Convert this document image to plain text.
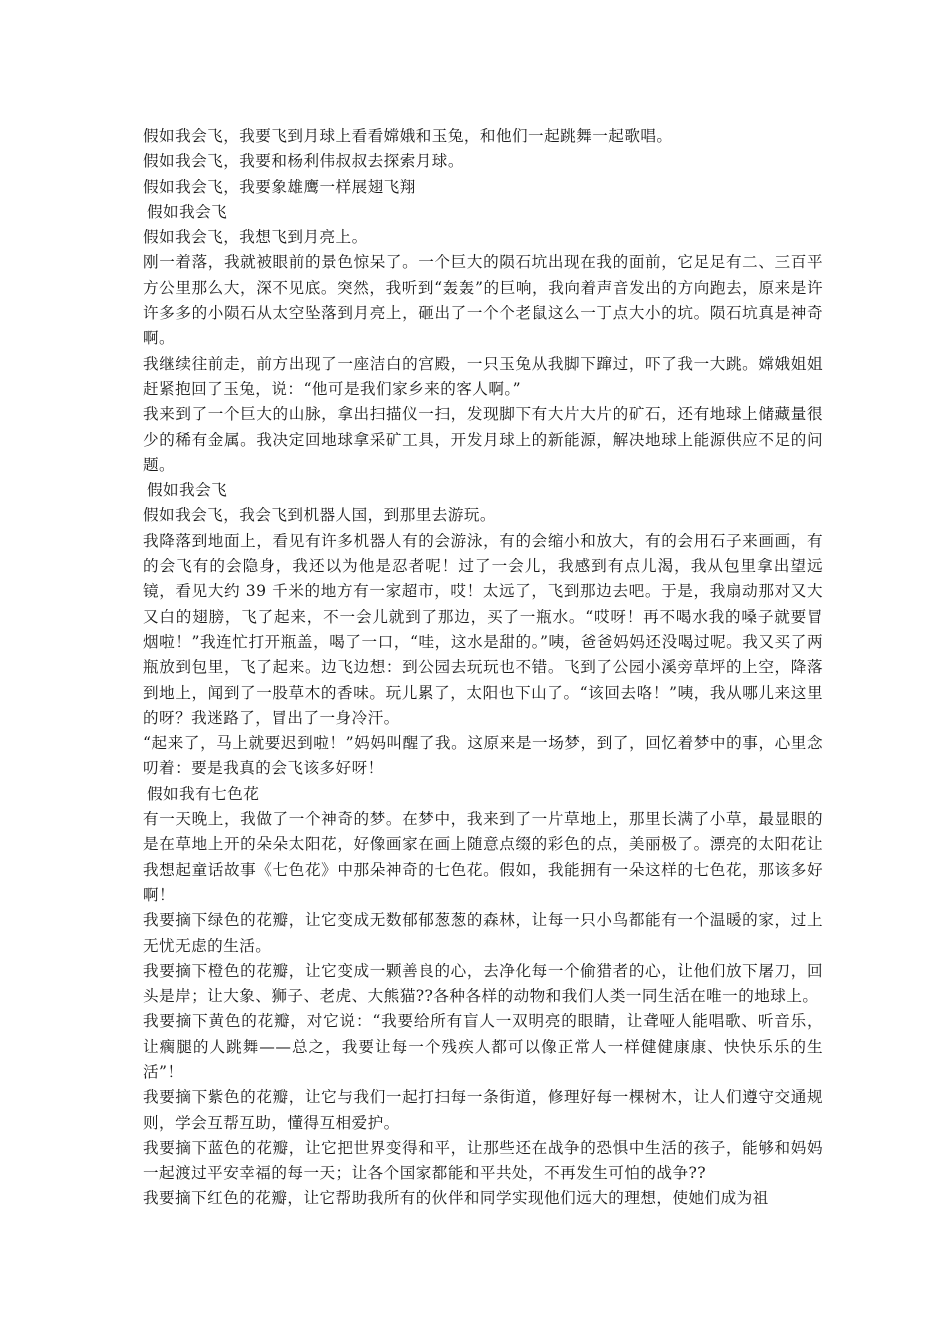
假如我会飞，我要飞到月球上看看嫦娥和玉兔，和他们一起跳舞一起歌唱。

假如我会飞，我要和杨利伟叔叔去探索月球。

假如我会飞，我要象雄鹰一样展翅飞翔

假如我会飞

假如我会飞，我想飞到月亮上。

刚一着落，我就被眼前的景色惊呆了。一个巨大的陨石坑出现在我的面前，它足足有二、三百平方公里那么大，深不见底。突然，我听到“轰轰”的巨响，我向着声音发出的方向跑去，原来是许许多多的小陨石从太空坠落到月亮上，砸出了一个个老鼠这么一丁点大小的坑。陨石坑真是神奇啊。

我继续往前走，前方出现了一座洁白的宫殿，一只玉兔从我脚下蹿过，吓了我一大跳。嫦娥姐姐赶紧抱回了玉兔，说：“他可是我们家乡来的客人啊。”

我来到了一个巨大的山脉，拿出扫描仪一扫，发现脚下有大片大片的矿石，还有地球上储藏量很少的稀有金属。我决定回地球拿采矿工具，开发月球上的新能源，解决地球上能源供应不足的问题。

假如我会飞

假如我会飞，我会飞到机器人国，到那里去游玩。

我降落到地面上，看见有许多机器人有的会游泳，有的会缩小和放大，有的会用石子来画画，有的会飞有的会隐身，我还以为他是忍者呢！过了一会儿，我感到有点儿渴，我从包里拿出望远镜，看见大约 39 千米的地方有一家超市，哎！太远了，飞到那边去吧。于是，我扇动那对又大又白的翅膀，飞了起来，不一会儿就到了那边，买了一瓶水。“哎呀！再不喝水我的嗓子就要冒烟啦！”我连忙打开瓶盖，喝了一口，“哇，这水是甜的。”咦，爸爸妈妈还没喝过呢。我又买了两瓶放到包里，飞了起来。边飞边想：到公园去玩玩也不错。飞到了公园小溪旁草坪的上空，降落到地上，闻到了一股草木的香味。玩儿累了，太阳也下山了。“该回去咯！”咦，我从哪儿来这里的呀？我迷路了，冒出了一身冷汗。

“起来了，马上就要迟到啦！”妈妈叫醒了我。这原来是一场梦，到了，回忆着梦中的事，心里念叨着：要是我真的会飞该多好呀！

假如我有七色花

有一天晚上，我做了一个神奇的梦。在梦中，我来到了一片草地上，那里长满了小草，最显眼的是在草地上开的朵朵太阳花，好像画家在画上随意点缀的彩色的点，美丽极了。漂亮的太阳花让我想起童话故事《七色花》中那朵神奇的七色花。假如，我能拥有一朵这样的七色花，那该多好啊！

我要摘下绿色的花瓣，让它变成无数郁郁葱葱的森林，让每一只小鸟都能有一个温暖的家，过上无忧无虑的生活。

我要摘下橙色的花瓣，让它变成一颗善良的心，去净化每一个偷猎者的心，让他们放下屠刀，回头是岸；让大象、狮子、老虎、大熊猫??各种各样的动物和我们人类一同生活在唯一的地球上。

我要摘下黄色的花瓣，对它说：“我要给所有盲人一双明亮的眼睛，让聋哑人能唱歌、听音乐，让瘸腿的人跳舞——总之，我要让每一个残疾人都可以像正常人一样健健康康、快快乐乐的生活”！

我要摘下紫色的花瓣，让它与我们一起打扫每一条街道，修理好每一棵树木，让人们遵守交通规则，学会互帮互助，懂得互相爱护。

我要摘下蓝色的花瓣，让它把世界变得和平，让那些还在战争的恐惧中生活的孩子，能够和妈妈一起渡过平安幸福的每一天；让各个国家都能和平共处，不再发生可怕的战争??

我要摘下红色的花瓣，让它帮助我所有的伙伴和同学实现他们远大的理想，使她们成为祖
